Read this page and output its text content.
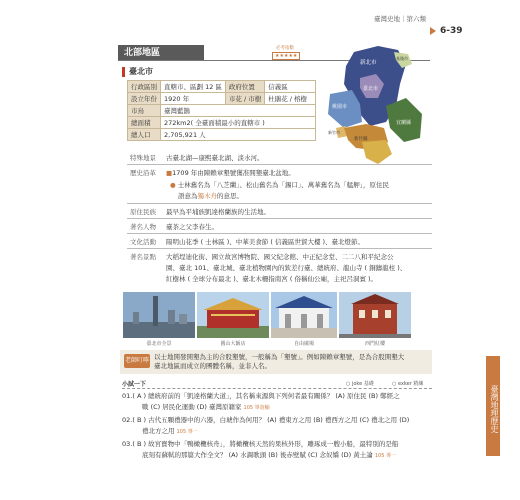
臺灣史地｜第六類
6-39
北部地區	必考指數
★★★★★
臺北市
行政區別	直轄市、區劃 12 區	政府位置	信義區
設立年份	1920 年	市花 / 市樹	杜鵑花 / 榕樹
市鳥	臺灣藍鵲		
總面積	272km2( 全臺面積最小的直轄市 )		
總人口	2,705,921 人		
新北市
臺北市
桃園市
新竹縣
新竹市
宜蘭縣
基隆市
特殊地景 古臺北湖—康熙臺北湖、淡水河。
歷史沿革 ■1709 年由陳賴章墾號獲准開墾臺北盆地。
● 士林舊名為「八芝蘭」、松山舊名為「錫口」、萬華舊名為「艋舺」，原住民
語意為獨木舟的意思。
原住民族 最早為平埔族凱達格蘭族的生活地。
著名人物 臺茶之父李春生。
文化活動 陽明山花季 ( 士林區 )、中華美食節 ( 信義區世貿大樓 )、臺北燈節。
著名景點 大稻埕迪化街、國立故宮博物院、國父紀念館、中正紀念堂、二二八和平紀念公
園、臺北 101、臺北城、臺北植物園內的欽差行臺、總統府、龍山寺 ( 銅鑄龍柱 )、
紅樹林 ( 全球分布最北 )、臺北木柵指南宮 ( 俗稱仙公廟，主祀呂洞賓 )。
臺北市全景	圓山大飯店	自由廣場	西門紅樓
老師叮嚀 以士地開發開墾為主的合股墾號，一般稱為「墾號」。例如陳賴章墾號，是為合股開墾大
臺北地區而成立的團體名稱，並非人名。
小試一下	○ joke 基礎	○ exker 精練
01.( A ) 總統府前的「凱達格蘭大道」，其名稱來源與下列何者最有關係？ (A) 原住民 (B) 鄭經之
戰 (C) 居民化運動 (D) 臺灣原籍家 105 導遊輸
02.( B ) 古代五顆禮器中的六器，白琥作為何用？ (A) 禮東方之用 (B) 禮西方之用 (C) 禮北之用 (D)
禮北方之用 105 導一
03.( B ) 故宮寶物中「鴨橄欖核舟」，將橄欖核天然的果核外形，雕琢成一艘小船，最特別的是船
底刻有蘇軾的那篇大作全文？ (A) 水調歌頭 (B) 後赤壁賦 (C) 念奴嬌 (D) 黃土論 105 導一
臺灣地理歷史
